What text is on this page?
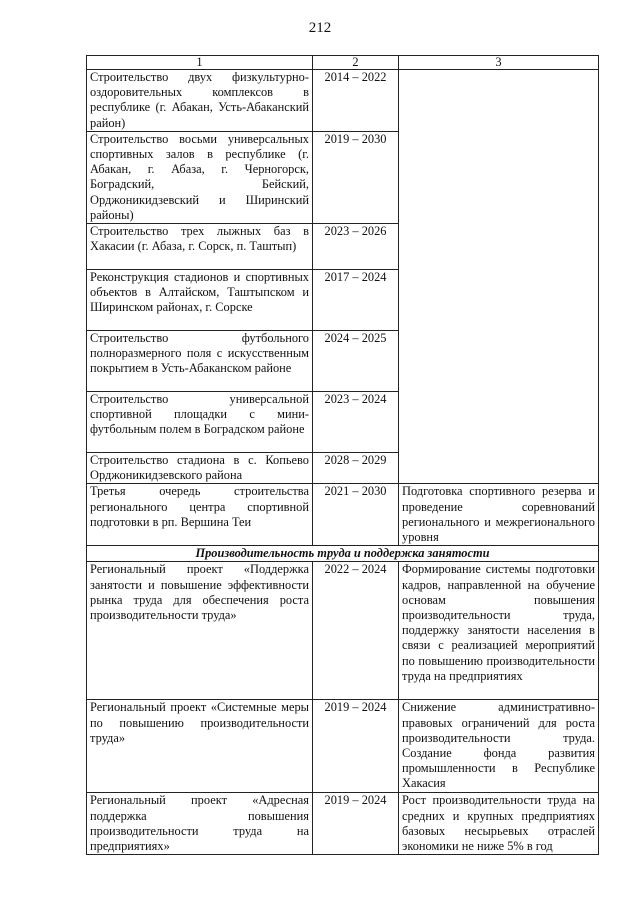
212
1	2	3
Строительство двух физкультурно-оздоровительных комплексов в республике (г. Абакан, Усть-Абаканский район)	2014 – 2022	
Строительство восьми универсальных спортивных залов в республике (г. Абакан, г. Абаза, г. Черногорск, Боградский, Бейский, Орджоникидзевский и Ширинский районы)	2019 – 2030	
Строительство трех лыжных баз в Хакасии (г. Абаза, г. Сорск, п. Таштып)	2023 – 2026	
Реконструкция стадионов и спортивных объектов в Алтайском, Таштыпском и Ширинском районах, г. Сорске	2017 – 2024	
Строительство футбольного полноразмерного поля с искусственным покрытием в Усть-Абаканском районе	2024 – 2025	
Строительство универсальной спортивной площадки с мини-футбольным полем в Боградском районе	2023 – 2024	
Строительство стадиона в с. Копьево Орджоникидзевского района	2028 – 2029	
Третья очередь строительства регионального центра спортивной подготовки в рп. Вершина Теи	2021 – 2030	Подготовка спортивного резерва и проведение соревнований регионального и межрегионального уровня
Производительность труда и поддержка занятости		
Региональный проект «Поддержка занятости и повышение эффективности рынка труда для обеспечения роста производительности труда»	2022 – 2024	Формирование системы подготовки кадров, направленной на обучение основам повышения производительности труда, поддержку занятости населения в связи с реализацией мероприятий по повышению производительности труда на предприятиях
Региональный проект «Системные меры по повышению производительности труда»	2019 – 2024	Снижение административно-правовых ограничений для роста производительности труда. Создание фонда развития промышленности в Республике Хакасия
Региональный проект «Адресная поддержка повышения производительности труда на предприятиях»	2019 – 2024	Рост производительности труда на средних и крупных предприятиях базовых несырьевых отраслей экономики не ниже 5% в год
